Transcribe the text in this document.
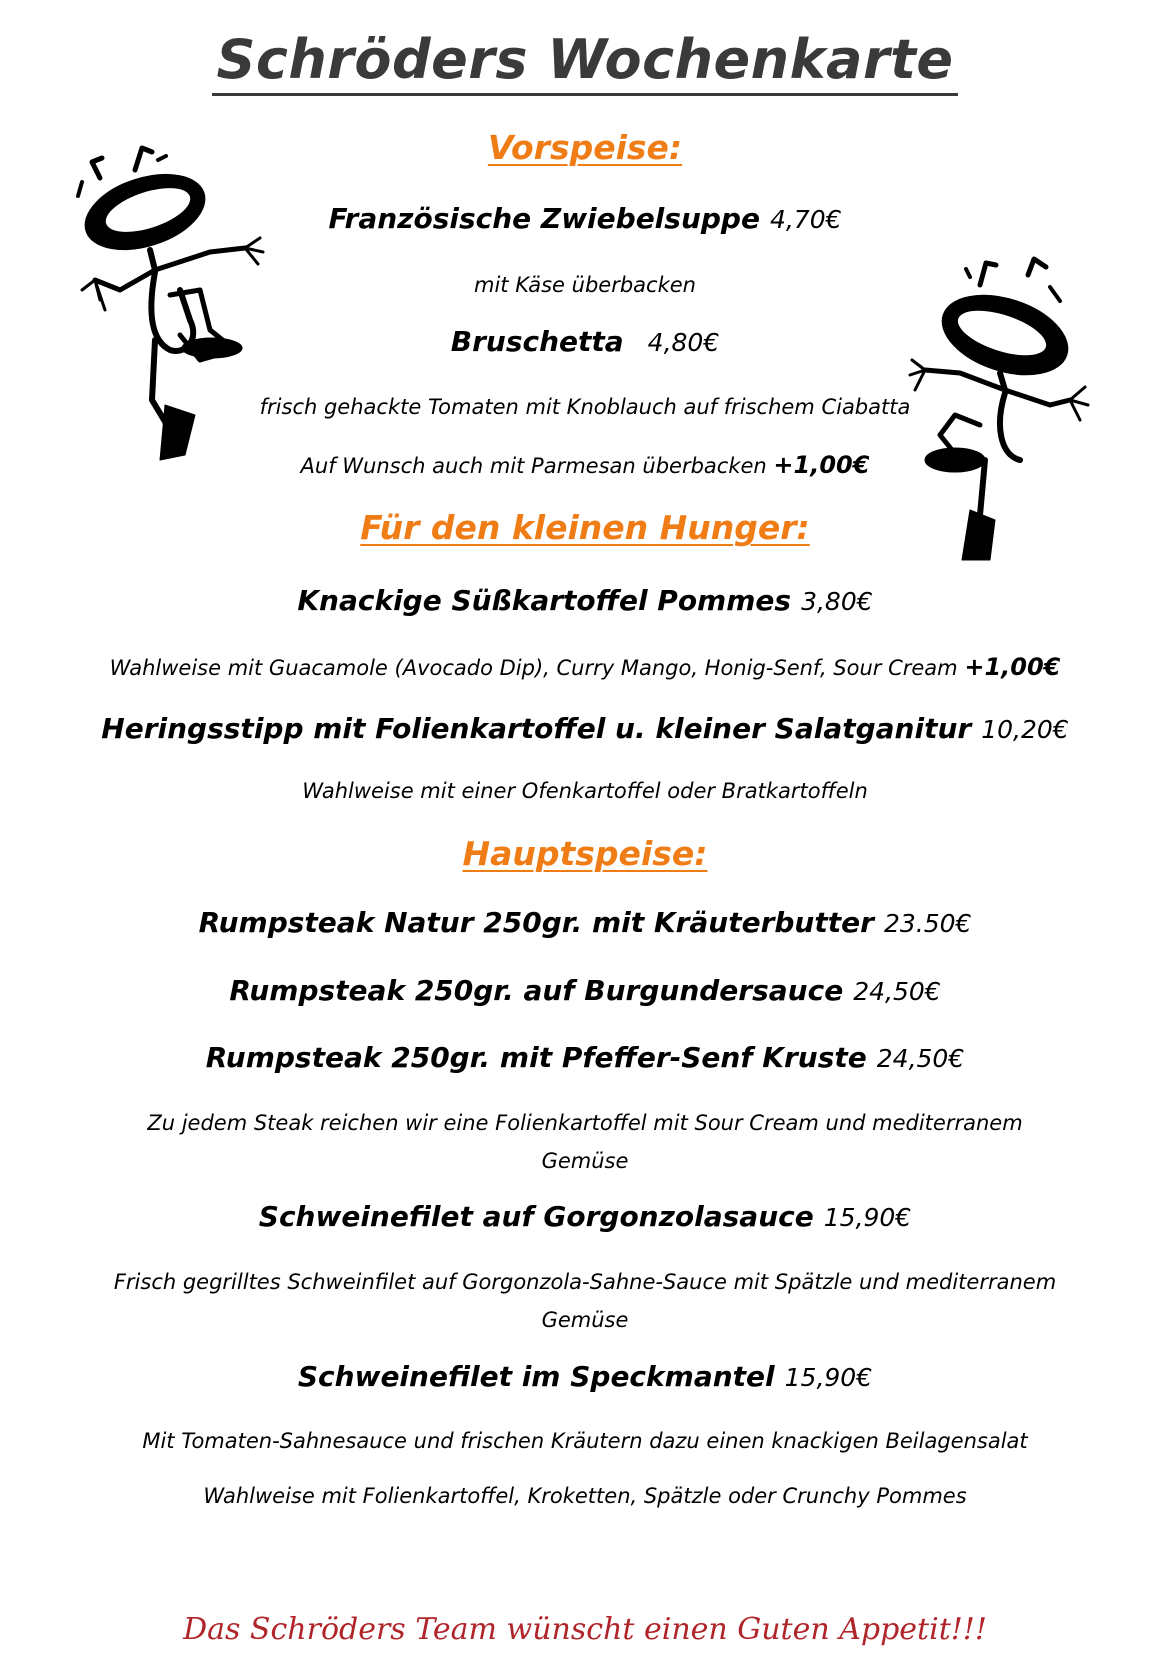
Schröders Wochenkarte
Vorspeise:
Französische Zwiebelsuppe 4,70€
mit Käse überbacken
Bruschetta 4,80€
frisch gehackte Tomaten mit Knoblauch auf frischem Ciabatta
Auf Wunsch auch mit Parmesan überbacken +1,00€
Für den kleinen Hunger:
Knackige Süßkartoffel Pommes 3,80€
Wahlweise mit Guacamole (Avocado Dip), Curry Mango, Honig-Senf, Sour Cream +1,00€
Heringsstipp mit Folienkartoffel u. kleiner Salatganitur 10,20€
Wahlweise mit einer Ofenkartoffel oder Bratkartoffeln
Hauptspeise:
Rumpsteak Natur 250gr. mit Kräuterbutter 23.50€
Rumpsteak 250gr. auf Burgundersauce 24,50€
Rumpsteak 250gr. mit Pfeffer-Senf Kruste 24,50€
Zu jedem Steak reichen wir eine Folienkartoffel mit Sour Cream und mediterranem Gemüse
Schweinefilet auf Gorgonzolasauce 15,90€
Frisch gegrilltes Schweinfilet auf Gorgonzola-Sahne-Sauce mit Spätzle und mediterranem Gemüse
Schweinefilet im Speckmantel 15,90€
Mit Tomaten-Sahnesauce und frischen Kräutern dazu einen knackigen Beilagensalat
Wahlweise mit Folienkartoffel, Kroketten, Spätzle oder Crunchy Pommes
Das Schröders Team wünscht einen Guten Appetit!!!
